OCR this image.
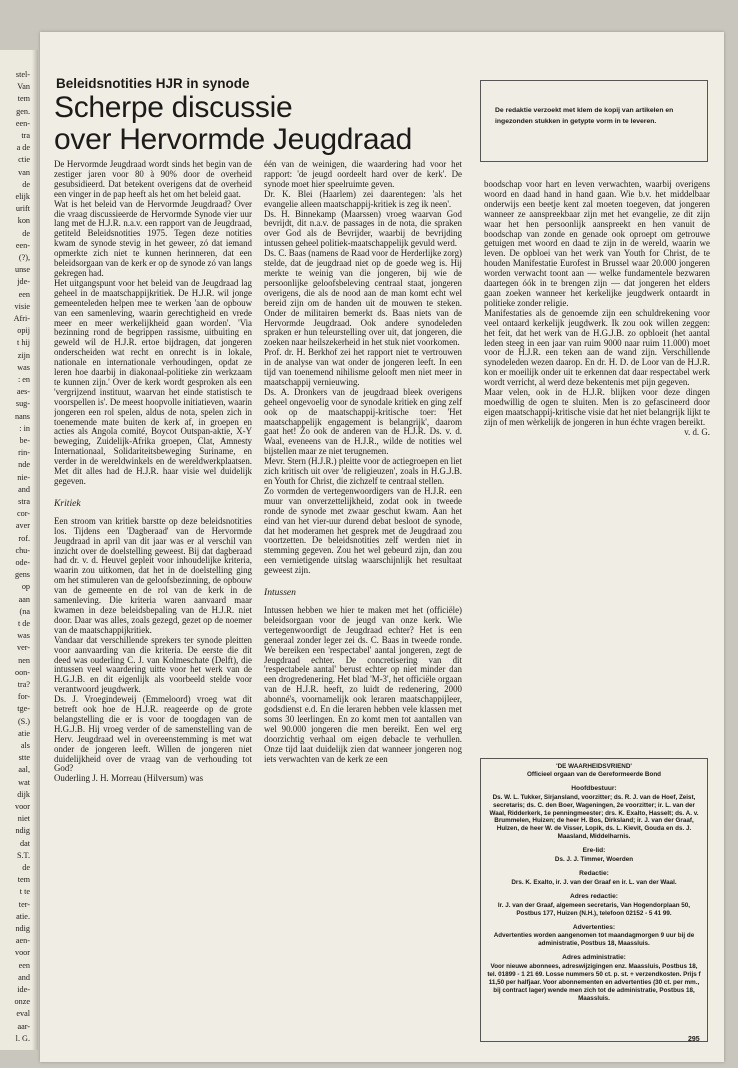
stel-
Van
tem
gen.
een-
tra
a de
ctie
van
de
elijk
urift
kon
de
een-
(?),
unse
jde-
een
visie
Afri-
opij
t hij
zijn
was
: en
aes-
sug-
nans
: in
be-
rin-
nde
nie-
and
stra
cor-
aver
rof.
chu-
ode-
gens
op
aan
(na
t de
was
ver-
nen
oon-
tra?
for-
tge-
(S.)
atie
als
stte
aal,
wat
dijk
voor
niet
ndig
dat
S.T.
de
tem
t te
ter-
atie.
ndig
aen-
voor
een
and
ide-
onze
eval
aar-
l. G.
Beleidsnotities HJR in synode
Scherpe discussie
over Hervormde Jeugdraad

De redaktie verzoekt met klem de kopij van artikelen en ingezonden stukken in getypte vorm in te leveren.

De Hervormde Jeugdraad wordt sinds het begin van de zestiger jaren voor 80 à 90% door de overheid gesubsidieerd. Dat betekent overigens dat de overheid een vinger in de pap heeft als het om het beleid gaat.

Wat is het beleid van de Hervormde Jeugdraad? Over die vraag discussieerde de Hervormde Synode vier uur lang met de H.J.R. n.a.v. een rapport van de Jeugdraad, getiteld Beleidsnotities 1975. Tegen deze notities kwam de synode stevig in het geweer, zó dat iemand opmerkte zich niet te kunnen herinneren, dat een beleidsorgaan van de kerk er op de synode zó van langs gekregen had.

Het uitgangspunt voor het beleid van de Jeugdraad lag geheel in de maatschappijkritiek. De H.J.R. wil jonge gemeenteleden helpen mee te werken 'aan de opbouw van een samenleving, waarin gerechtigheid en vrede meer en meer werkelijkheid gaan worden'. 'Via bezinning rond de begrippen rassisme, uitbuiting en geweld wil de H.J.R. ertoe bijdragen, dat jongeren onderscheiden wat recht en onrecht is in lokale, nationale en internationale verhoudingen, opdat ze leren hoe daarbij in diakonaal-politieke zin werkzaam te kunnen zijn.' Over de kerk wordt gesproken als een 'vergrijzend instituut, waarvan het einde statistisch te voorspellen is'. De meest hoopvolle initiatieven, waarin jongeren een rol spelen, aldus de nota, spelen zich in toenemende mate buiten de kerk af, in groepen en acties als Angola comité, Boycot Outspan-aktie, X-Y beweging, Zuidelijk-Afrika groepen, Clat, Amnesty Internationaal, Solidariteitsbeweging Suriname, en verder in de wereldwinkels en de wereldwerkplaatsen. Met dit alles had de H.J.R. haar visie wel duidelijk gegeven.

Kritiek

Een stroom van kritiek barstte op deze beleidsnotities los. Tijdens een 'Dagberaad' van de Hervormde Jeugdraad in april van dit jaar was er al verschil van inzicht over de doelstelling geweest. Bij dat dagberaad had dr. v. d. Heuvel gepleit voor inhoudelijke kriteria, waarin zou uitkomen, dat het in de doelstelling ging om het stimuleren van de geloofsbezinning, de opbouw van de gemeente en de rol van de kerk in de samenleving. Die kriteria waren aanvaard maar kwamen in deze beleidsbepaling van de H.J.R. niet door. Daar was alles, zoals gezegd, gezet op de noemer van de maatschappijkritiek.

Vandaar dat verschillende sprekers ter synode pleitten voor aanvaarding van die kriteria. De eerste die dit deed was ouderling C. J. van Kolmeschate (Delft), die intussen veel waardering uitte voor het werk van de H.G.J.B. en dit eigenlijk als voorbeeld stelde voor verantwoord jeugdwerk.

Ds. J. Vroegindeweij (Emmeloord) vroeg wat dit betreft ook hoe de H.J.R. reageerde op de grote belangstelling die er is voor de toogdagen van de H.G.J.B. Hij vroeg verder of de samenstelling van de Herv. Jeugdraad wel in overeenstemming is met wat onder de jongeren leeft. Willen de jongeren niet duidelijkheid over de vraag van de verhouding tot God?

Ouderling J. H. Morreau (Hilversum) was

één van de weinigen, die waardering had voor het rapport: 'de jeugd oordeelt hard over de kerk'. De synode moet hier speelruimte geven.

Dr. K. Blei (Haarlem) zei daarentegen: 'als het evangelie alleen maatschappij-kritiek is zeg ik neen'.

Ds. H. Binnekamp (Maarssen) vroeg waarvan God bevrijdt, dit n.a.v. de passages in de nota, die spraken over God als de Bevrijder, waarbij de bevrijding intussen geheel politiek-maatschappelijk gevuld werd.

Ds. C. Baas (namens de Raad voor de Herderlijke zorg) stelde, dat de jeugdraad niet op de goede weg is. Hij merkte te weinig van die jongeren, bij wie de persoonlijke geloofsbeleving centraal staat, jongeren overigens, die als de nood aan de man komt echt wel bereid zijn om de handen uit de mouwen te steken. Onder de militairen bemerkt ds. Baas niets van de Hervormde Jeugdraad. Ook andere synodeleden spraken er hun teleurstelling over uit, dat jongeren, die zoeken naar heilszekerheid in het stuk niet voorkomen.

Prof. dr. H. Berkhof zei het rapport niet te vertrouwen in de analyse van wat onder de jongeren leeft. In een tijd van toenemend nihilisme gelooft men niet meer in maatschappij vernieuwing.

Ds. A. Dronkers van de jeugdraad bleek overigens geheel ongevoelig voor de synodale kritiek en ging zelf ook op de maatschappij-kritische toer: 'Het maatschappelijk engagement is belangrijk', daarom gaat het! Zo ook de anderen van de H.J.R. Ds. v. d. Waal, eveneens van de H.J.R., wilde de notities wel bijstellen maar ze niet terugnemen.

Mevr. Stern (H.J.R.) pleitte voor de actiegroepen en liet zich kritisch uit over 'de religieuzen', zoals in H.G.J.B. en Youth for Christ, die zichzelf te centraal stellen.

Zo vormden de vertegenwoordigers van de H.J.R. een muur van onverzettelijkheid, zodat ook in tweede ronde de synode met zwaar geschut kwam. Aan het eind van het vier-uur durend debat besloot de synode, dat het moderamen het gesprek met de Jeugdraad zou voortzetten. De beleidsnotities zelf werden niet in stemming gegeven. Zou het wel gebeurd zijn, dan zou een vernietigende uitslag waarschijnlijk het resultaat geweest zijn.

Intussen

Intussen hebben we hier te maken met het (officiële) beleidsorgaan voor de jeugd van onze kerk. Wie vertegenwoordigt de Jeugdraad echter? Het is een generaal zonder leger zei ds. C. Baas in tweede ronde. We bereiken een 'respectabel' aantal jongeren, zegt de Jeugdraad echter. De concretisering van dit 'respectabele aantal' berust echter op niet minder dan een drogredenering. Het blad 'M-3', het officiële orgaan van de H.J.R. heeft, zo luidt de redenering, 2000 abonné's, voornamelijk ook leraren maatschappijleer, godsdienst e.d. En die leraren hebben vele klassen met soms 30 leerlingen. En zo komt men tot aantallen van wel 90.000 jongeren die men bereikt. Een wel erg doorzichtig verhaal om eigen debacle te verhullen. Onze tijd laat duidelijk zien dat wanneer jongeren nog iets verwachten van de kerk ze een

boodschap voor hart en leven verwachten, waarbij overigens woord en daad hand in hand gaan. Wie b.v. het middelbaar onderwijs een beetje kent zal moeten toegeven, dat jongeren wanneer ze aanspreekbaar zijn met het evangelie, ze dit zijn waar het hen persoonlijk aanspreekt en hen vanuit de boodschap van zonde en genade ook oproept om getrouwe getuigen met woord en daad te zijn in de wereld, waarin we leven. De opbloei van het werk van Youth for Christ, de te houden Manifestatie Eurofest in Brussel waar 20.000 jongeren worden verwacht toont aan — welke fundamentele bezwaren daartegen óók in te brengen zijn — dat jongeren het elders gaan zoeken wanneer het kerkelijke jeugdwerk ontaardt in politieke zonder religie.

Manifestaties als de genoemde zijn een schuldrekening voor veel ontaard kerkelijk jeugdwerk. Ik zou ook willen zeggen: het feit, dat het werk van de H.G.J.B. zo opbloeit (het aantal leden steeg in een jaar van ruim 9000 naar ruim 11.000) moet voor de H.J.R. een teken aan de wand zijn. Verschillende synodeleden wezen daarop. En dr. H. D. de Loor van de H.J.R. kon er moeilijk onder uit te erkennen dat daar respectabel werk wordt verricht, al werd deze bekentenis met pijn gegeven.

Maar velen, ook in de H.J.R. blijken voor deze dingen moedwillig de ogen te sluiten. Men is zo gefascineerd door eigen maatschappij-kritische visie dat het niet belangrijk lijkt te zijn of men wèrkelijk de jongeren in hun échte vragen bereikt.

v. d. G.

'DE WAARHEIDSVRIEND'
Officieel orgaan van de Gereformeerde Bond
Hoofdbestuur:

Ds. W. L. Tukker, Sirjansland, voorzitter; ds. R. J. van de Hoef, Zeist, secretaris; ds. C. den Boer, Wageningen, 2e voorzitter; ir. L. van der Waal, Ridderkerk, 1e penningmeester; drs. K. Exalto, Hasselt; ds. A. v. Brummelen, Huizen; de heer H. Bos, Dirksland; ir. J. van der Graaf, Hulzen, de heer W. de Visser, Lopik, ds. L. Kievit, Gouda en ds. J. Maasland, Middelharnis.

Ere-lid:

Ds. J. J. Timmer, Woerden

Redactie:

Drs. K. Exalto, ir. J. van der Graaf en ir. L. van der Waal.

Adres redactie:

Ir. J. van der Graaf, algemeen secretaris, Van Hogendorplaan 50, Postbus 177, Huizen (N.H.), telefoon 02152 - 5 41 99.

Advertenties:

Advertenties worden aangenomen tot maandagmorgen 9 uur bij de administratie, Postbus 18, Maassluis.

Adres administratie:

Voor nieuwe abonnees, adreswijzigingen enz. Maassluis, Postbus 18, tel. 01899 - 1 21 69. Losse nummers 50 ct. p. st. + verzendkosten. Prijs f 11,50 per halfjaar. Voor abonnementen en advertenties (30 ct. per mm., bij contract lager) wende men zich tot de administratie, Postbus 18, Maassluis.

295
